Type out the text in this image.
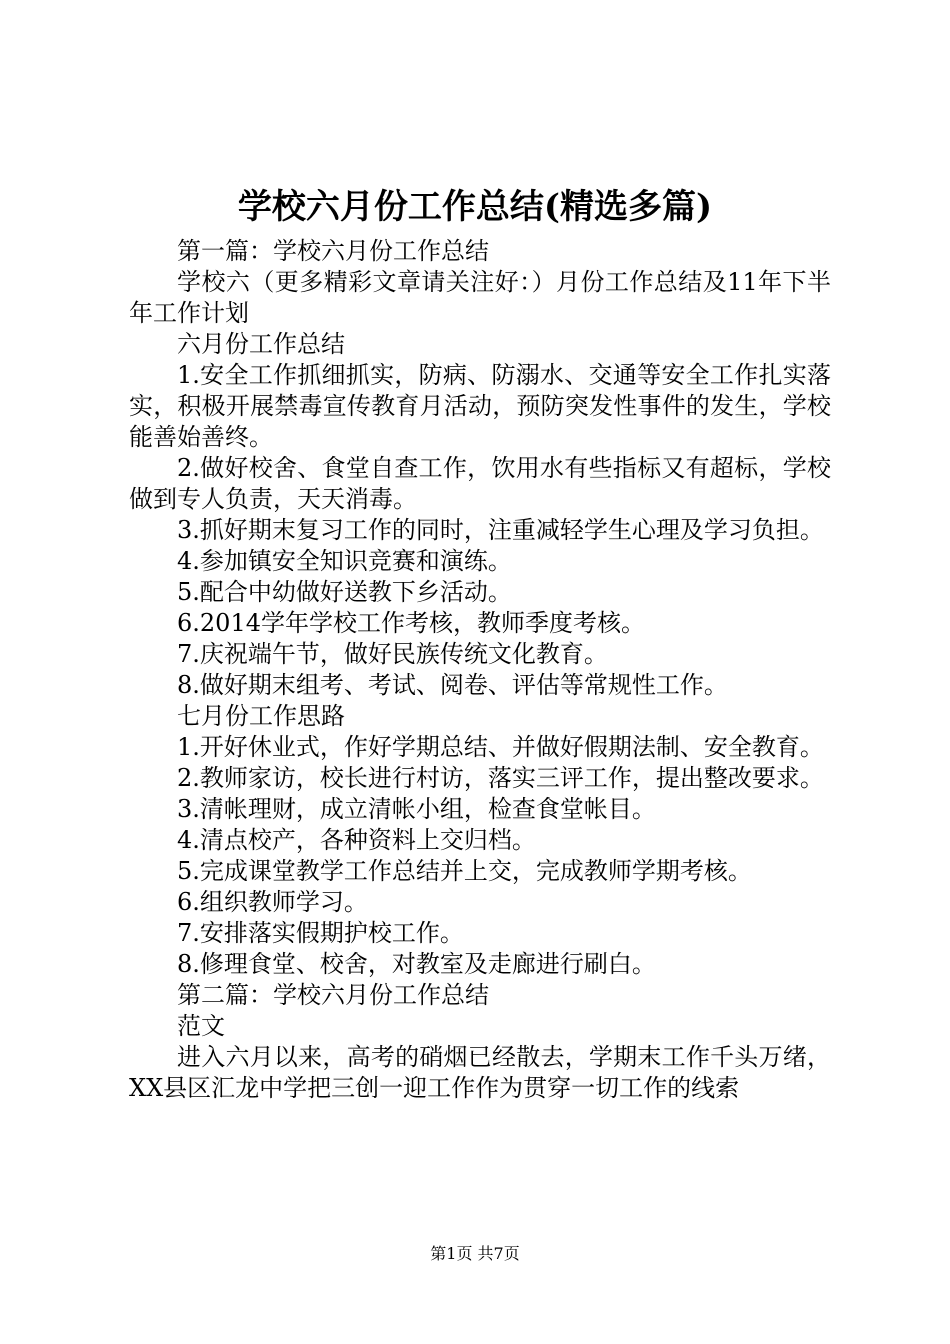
学校六月份工作总结(精选多篇)

第一篇：学校六月份工作总结

学校六（更多精彩文章请关注好：）月份工作总结及11年下半年工作计划

六月份工作总结

1.安全工作抓细抓实，防病、防溺水、交通等安全工作扎实落实，积极开展禁毒宣传教育月活动，预防突发性事件的发生，学校能善始善终。

2.做好校舍、食堂自查工作，饮用水有些指标又有超标，学校做到专人负责，天天消毒。

3.抓好期末复习工作的同时，注重减轻学生心理及学习负担。

4.参加镇安全知识竞赛和演练。

5.配合中幼做好送教下乡活动。

6.2014学年学校工作考核，教师季度考核。

7.庆祝端午节，做好民族传统文化教育。

8.做好期末组考、考试、阅卷、评估等常规性工作。

七月份工作思路

1.开好休业式，作好学期总结、并做好假期法制、安全教育。

2.教师家访，校长进行村访，落实三评工作，提出整改要求。

3.清帐理财，成立清帐小组，检查食堂帐目。

4.清点校产，各种资料上交归档。

5.完成课堂教学工作总结并上交，完成教师学期考核。

6.组织教师学习。

7.安排落实假期护校工作。

8.修理食堂、校舍，对教室及走廊进行刷白。

第二篇：学校六月份工作总结

范文

进入六月以来，高考的硝烟已经散去，学期末工作千头万绪，XX县区汇龙中学把三创一迎工作作为贯穿一切工作的线索

第1页 共7页
